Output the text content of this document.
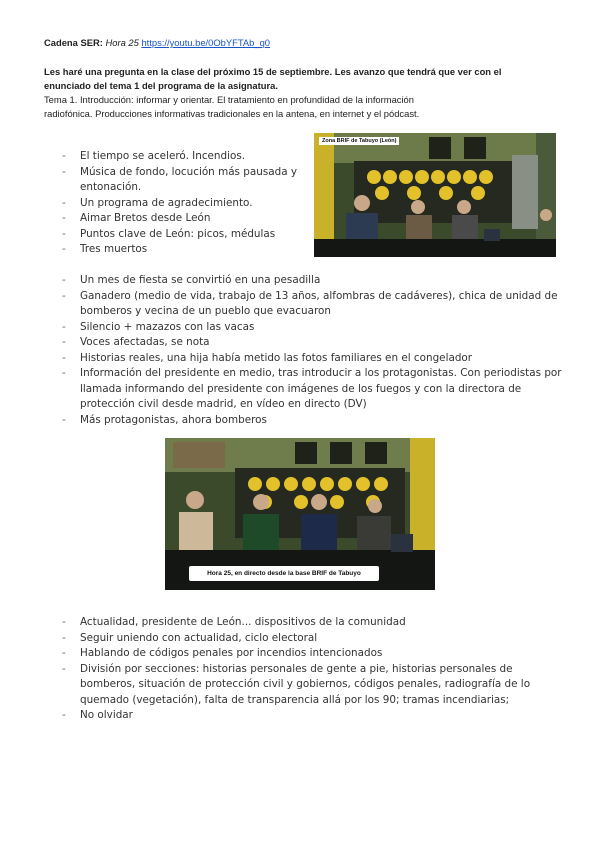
Cadena SER: Hora 25 https://youtu.be/0ObYFTAb_q0
Les haré una pregunta en la clase del próximo 15 de septiembre. Les avanzo que tendrá que ver con el
enunciado del tema 1 del programa de la asignatura.
Tema 1. Introducción: informar y orientar. El tratamiento en profundidad de la información
radiofónica. Producciones informativas tradicionales en la antena, en internet y el pódcast.
- El tiempo se aceleró. Incendios.
- Música de fondo, locución más pausada y entonación.
- Un programa de agradecimiento.
- Aimar Bretos desde León
- Puntos clave de León: picos, médulas
- Tres muertos
Zona BRIF de Tabuyo (León)
- Un mes de fiesta se convirtió en una pesadilla
- Ganadero (medio de vida, trabajo de 13 años, alfombras de cadáveres), chica de unidad de bomberos y vecina de un pueblo que evacuaron
- Silencio + mazazos con las vacas
- Voces afectadas, se nota
- Historias reales, una hija había metido las fotos familiares en el congelador
- Información del presidente en medio, tras introducir a los protagonistas. Con periodistas por llamada informando del presidente con imágenes de los fuegos y con la directora de protección civil desde madrid, en vídeo en directo (DV)
- Más protagonistas, ahora bomberos
Hora 25, en directo desde la base BRIF de Tabuyo
- Actualidad, presidente de León... dispositivos de la comunidad
- Seguir uniendo con actualidad, ciclo electoral
- Hablando de códigos penales por incendios intencionados
- División por secciones: historias personales de gente a pie, historias personales de bomberos, situación de protección civil y gobiernos, códigos penales, radiografía de lo quemado (vegetación), falta de transparencia allá por los 90; tramas incendiarias;
- No olvidar
